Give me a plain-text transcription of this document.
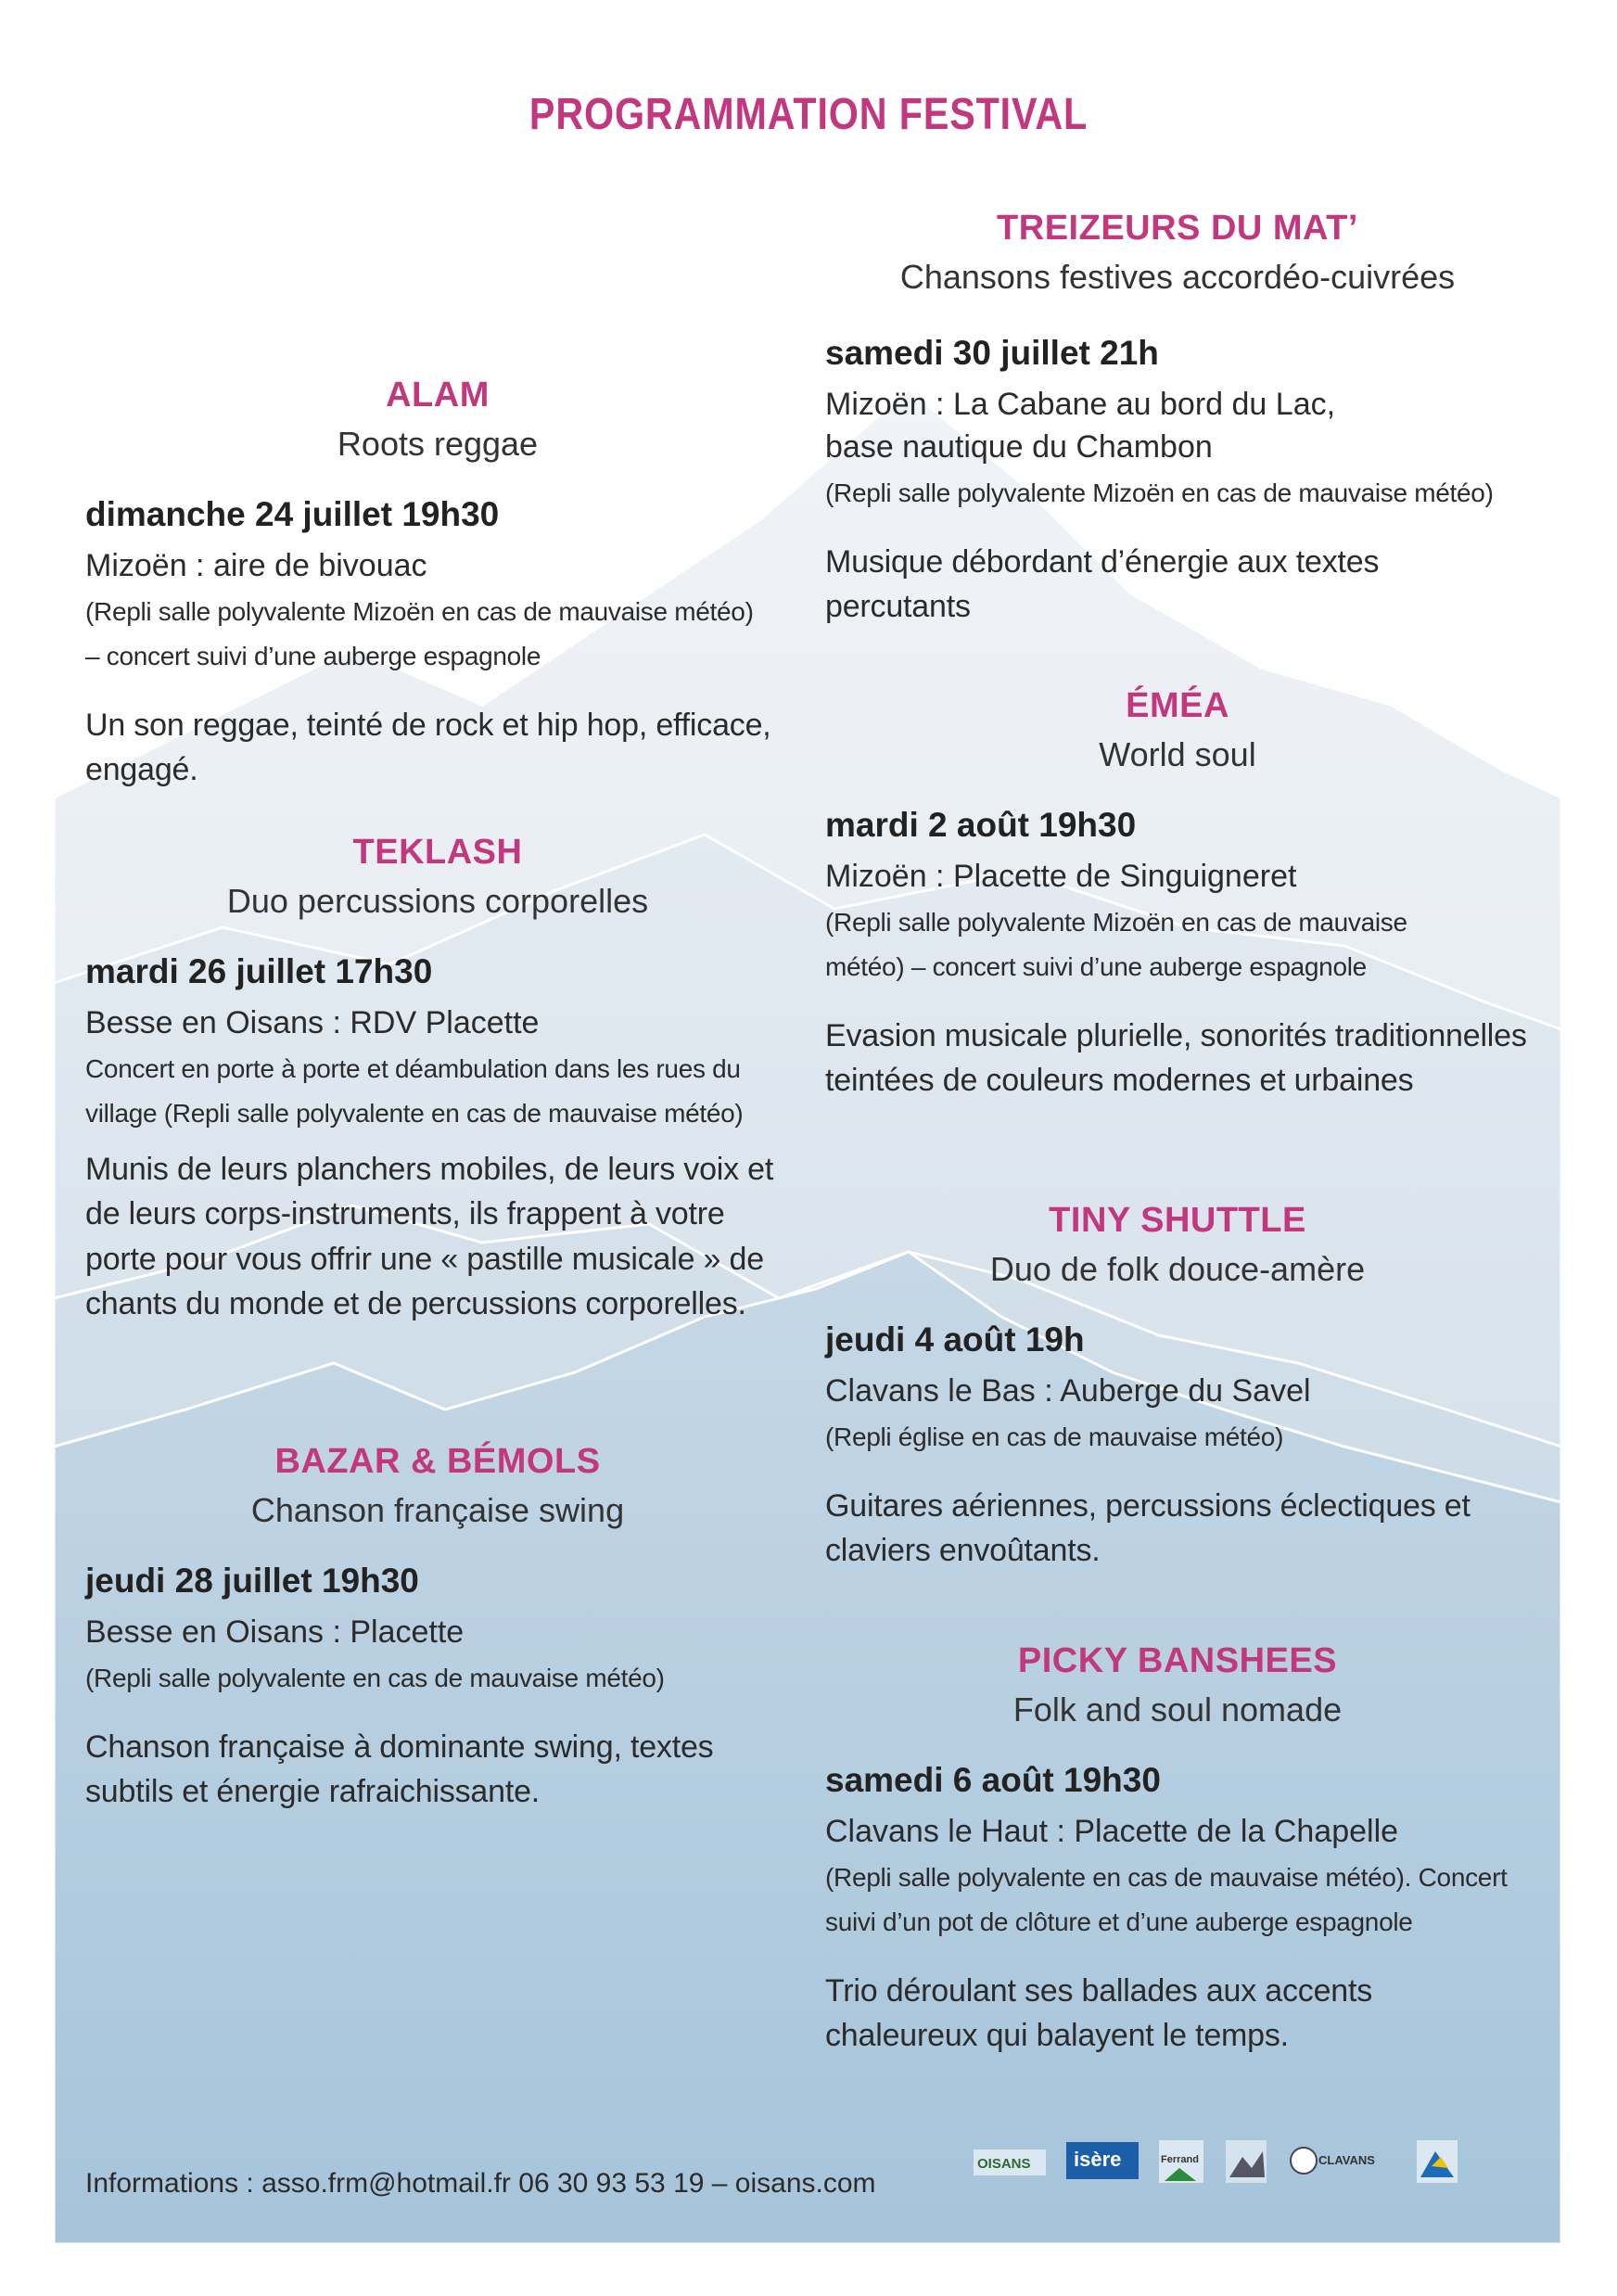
PROGRAMMATION FESTIVAL
ALAM
Roots reggae
dimanche 24 juillet 19h30
Mizoën : aire de bivouac
(Repli salle polyvalente Mizoën en cas de mauvaise météo) – concert suivi d’une auberge espagnole
Un son reggae, teinté de rock et hip hop, efficace, engagé.
TEKLASH
Duo percussions corporelles
mardi 26 juillet 17h30
Besse en Oisans : RDV Placette
Concert en porte à porte et déambulation dans les rues du village (Repli salle polyvalente en cas de mauvaise météo)
Munis de leurs planchers mobiles, de leurs voix et de leurs corps-instruments, ils frappent à votre porte pour vous offrir une « pastille musicale » de chants du monde et de percussions corporelles.
BAZAR & BÉMOLS
Chanson française swing
jeudi 28 juillet 19h30
Besse en Oisans : Placette
(Repli salle polyvalente en cas de mauvaise météo)
Chanson française à dominante swing, textes subtils et énergie rafraichissante.
TREIZEURS DU MAT’
Chansons festives accordéo-cuivrées
samedi 30 juillet 21h
Mizoën : La Cabane au bord du Lac, base nautique du Chambon
(Repli salle polyvalente Mizoën en cas de mauvaise météo)
Musique débordant d’énergie aux textes percutants
ÉMÉA
World soul
mardi 2 août 19h30
Mizoën : Placette de Singuigneret
(Repli salle polyvalente Mizoën en cas de mauvaise météo) – concert suivi d’une auberge espagnole
Evasion musicale plurielle, sonorités traditionnelles teintées de couleurs modernes et urbaines
TINY SHUTTLE
Duo de folk douce-amère
jeudi 4 août 19h
Clavans le Bas : Auberge du Savel
(Repli église en cas de mauvaise météo)
Guitares aériennes, percussions éclectiques et claviers envoûtants.
PICKY BANSHEES
Folk and soul nomade
samedi 6 août 19h30
Clavans le Haut : Placette de la Chapelle
(Repli salle polyvalente en cas de mauvaise météo). Concert suivi d’un pot de clôture et d’une auberge espagnole
Trio déroulant ses ballades aux accents chaleureux qui balayent le temps.
Informations : asso.frm@hotmail.fr 06 30 93 53 19 – oisans.com
OISANS isère	Ferrand	CLAVANS
